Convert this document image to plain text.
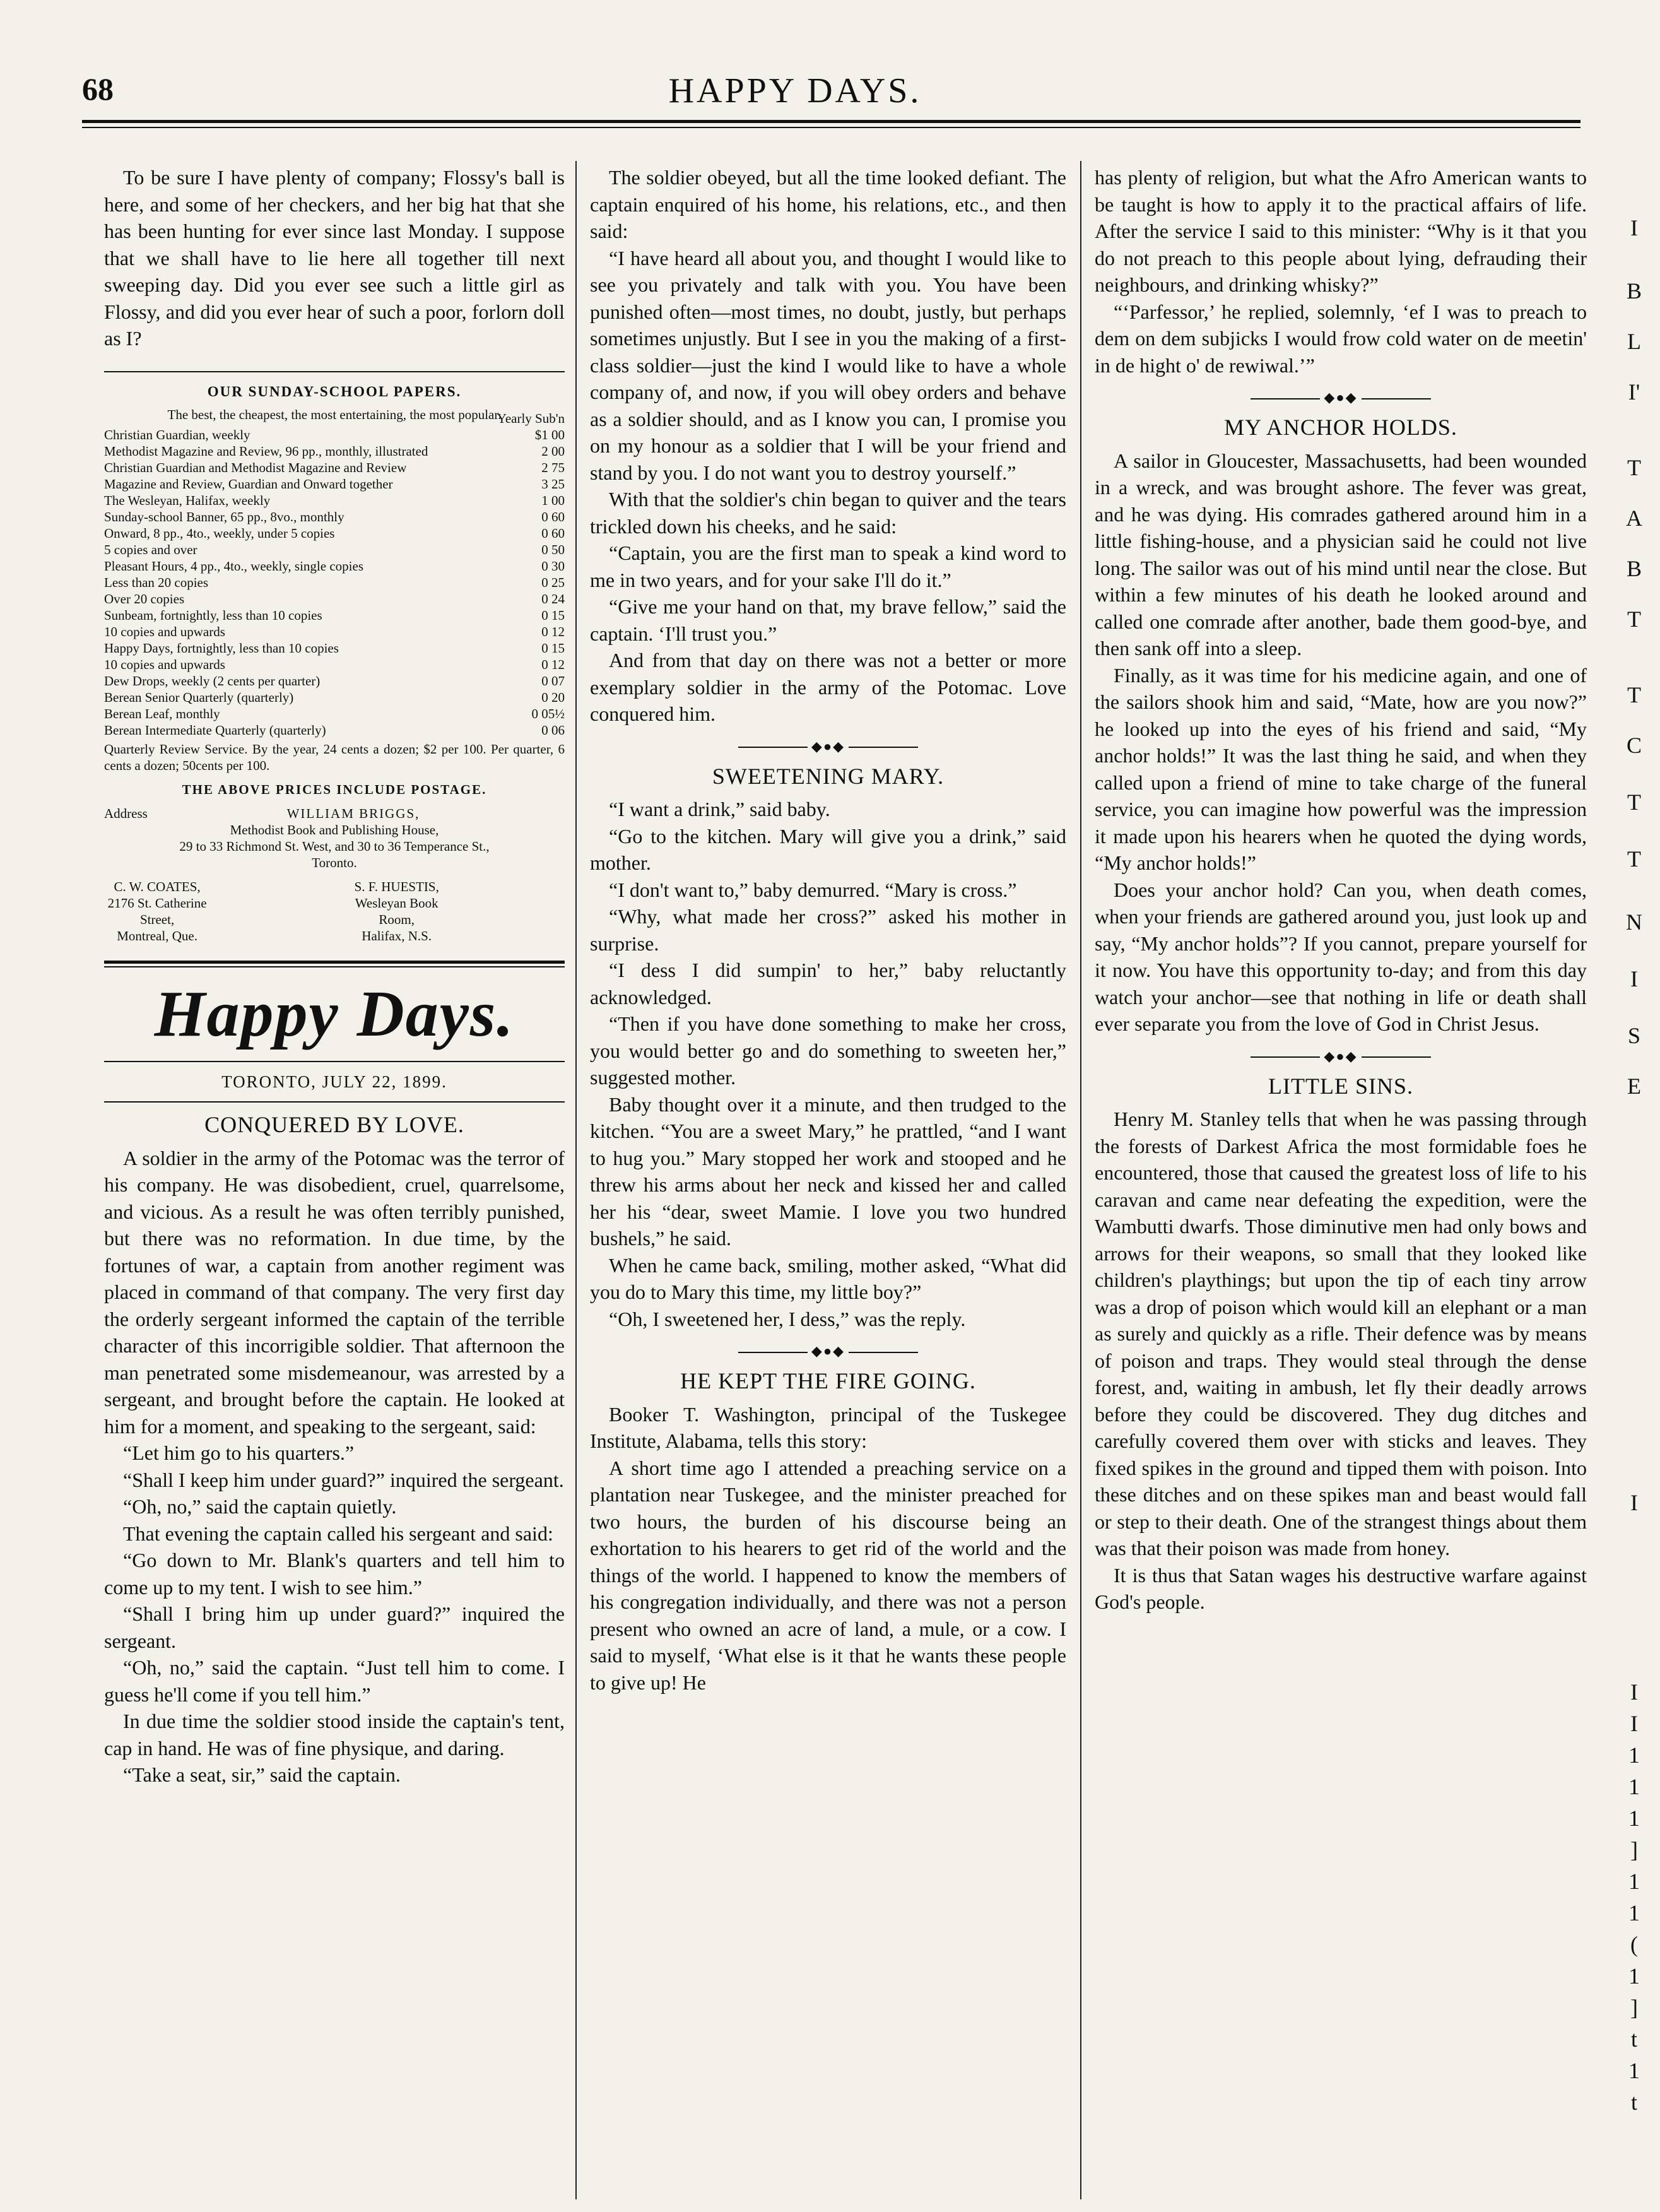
68	HAPPY DAYS.

To be sure I have plenty of company; Flossy's ball is here, and some of her checkers, and her big hat that she has been hunting for ever since last Monday. I suppose that we shall have to lie here all together till next sweeping day. Did you ever see such a little girl as Flossy, and did you ever hear of such a poor, forlorn doll as I?

OUR SUNDAY-SCHOOL PAPERS.
The best, the cheapest, the most entertaining, the most popular.
Yearly Sub'n
Christian Guardian, weekly	$1 00
Methodist Magazine and Review, 96 pp., monthly, illustrated	2 00
Christian Guardian and Methodist Magazine and Review	2 75
Magazine and Review, Guardian and Onward together	3 25
The Wesleyan, Halifax, weekly	1 00
Sunday-school Banner, 65 pp., 8vo., monthly	0 60
Onward, 8 pp., 4to., weekly, under 5 copies	0 60
5 copies and over	0 50
Pleasant Hours, 4 pp., 4to., weekly, single copies	0 30
Less than 20 copies	0 25
Over 20 copies	0 24
Sunbeam, fortnightly, less than 10 copies	0 15
10 copies and upwards	0 12
Happy Days, fortnightly, less than 10 copies	0 15
10 copies and upwards	0 12
Dew Drops, weekly (2 cents per quarter)	0 07
Berean Senior Quarterly (quarterly)	0 20
Berean Leaf, monthly	0 05½
Berean Intermediate Quarterly (quarterly)	0 06
Quarterly Review Service. By the year, 24 cents a dozen; $2 per 100. Per quarter, 6 cents a dozen; 50cents per 100.
THE ABOVE PRICES INCLUDE POSTAGE.
Address	WILLIAM BRIGGS,
Methodist Book and Publishing House,
29 to 33 Richmond St. West, and 30 to 36 Temperance St.,
Toronto.
C. W. COATES,
2176 St. Catherine Street,
Montreal, Que.
S. F. HUESTIS,
Wesleyan Book Room,
Halifax, N.S.
Happy Days.
TORONTO, JULY 22, 1899.
CONQUERED BY LOVE.

A soldier in the army of the Potomac was the terror of his company. He was disobedient, cruel, quarrelsome, and vicious. As a result he was often terribly punished, but there was no reformation. In due time, by the fortunes of war, a captain from another regiment was placed in command of that company. The very first day the orderly sergeant informed the captain of the terrible character of this incorrigible soldier. That afternoon the man penetrated some misdemeanour, was arrested by a sergeant, and brought before the captain. He looked at him for a moment, and speaking to the sergeant, said:

“Let him go to his quarters.”

“Shall I keep him under guard?” inquired the sergeant.

“Oh, no,” said the captain quietly.

That evening the captain called his sergeant and said:

“Go down to Mr. Blank's quarters and tell him to come up to my tent. I wish to see him.”

“Shall I bring him up under guard?” inquired the sergeant.

“Oh, no,” said the captain. “Just tell him to come. I guess he'll come if you tell him.”

In due time the soldier stood inside the captain's tent, cap in hand. He was of fine physique, and daring.

“Take a seat, sir,” said the captain.

The soldier obeyed, but all the time looked defiant. The captain enquired of his home, his relations, etc., and then said:

“I have heard all about you, and thought I would like to see you privately and talk with you. You have been punished often—most times, no doubt, justly, but perhaps sometimes unjustly. But I see in you the making of a first-class soldier—just the kind I would like to have a whole company of, and now, if you will obey orders and behave as a soldier should, and as I know you can, I promise you on my honour as a soldier that I will be your friend and stand by you. I do not want you to destroy yourself.”

With that the soldier's chin began to quiver and the tears trickled down his cheeks, and he said:

“Captain, you are the first man to speak a kind word to me in two years, and for your sake I'll do it.”

“Give me your hand on that, my brave fellow,” said the captain. ‘I'll trust you.”

And from that day on there was not a better or more exemplary soldier in the army of the Potomac. Love conquered him.

◆●◆
SWEETENING MARY.

“I want a drink,” said baby.

“Go to the kitchen. Mary will give you a drink,” said mother.

“I don't want to,” baby demurred. “Mary is cross.”

“Why, what made her cross?” asked his mother in surprise.

“I dess I did sumpin' to her,” baby reluctantly acknowledged.

“Then if you have done something to make her cross, you would better go and do something to sweeten her,” suggested mother.

Baby thought over it a minute, and then trudged to the kitchen. “You are a sweet Mary,” he prattled, “and I want to hug you.” Mary stopped her work and stooped and he threw his arms about her neck and kissed her and called her his “dear, sweet Mamie. I love you two hundred bushels,” he said.

When he came back, smiling, mother asked, “What did you do to Mary this time, my little boy?”

“Oh, I sweetened her, I dess,” was the reply.

◆●◆
HE KEPT THE FIRE GOING.

Booker T. Washington, principal of the Tuskegee Institute, Alabama, tells this story:

A short time ago I attended a preaching service on a plantation near Tuskegee, and the minister preached for two hours, the burden of his discourse being an exhortation to his hearers to get rid of the world and the things of the world. I happened to know the members of his congregation individually, and there was not a person present who owned an acre of land, a mule, or a cow. I said to myself, ‘What else is it that he wants these people to give up! He

has plenty of religion, but what the Afro American wants to be taught is how to apply it to the practical affairs of life. After the service I said to this minister: “Why is it that you do not preach to this people about lying, defrauding their neighbours, and drinking whisky?”

“‘Parfessor,’ he replied, solemnly, ‘ef I was to preach to dem on dem subjicks I would frow cold water on de meetin' in de hight o' de rewiwal.’”

◆●◆
MY ANCHOR HOLDS.

A sailor in Gloucester, Massachusetts, had been wounded in a wreck, and was brought ashore. The fever was great, and he was dying. His comrades gathered around him in a little fishing-house, and a physician said he could not live long. The sailor was out of his mind until near the close. But within a few minutes of his death he looked around and called one comrade after another, bade them good-bye, and then sank off into a sleep.

Finally, as it was time for his medicine again, and one of the sailors shook him and said, “Mate, how are you now?” he looked up into the eyes of his friend and said, “My anchor holds!” It was the last thing he said, and when they called upon a friend of mine to take charge of the funeral service, you can imagine how powerful was the impression it made upon his hearers when he quoted the dying words, “My anchor holds!”

Does your anchor hold? Can you, when death comes, when your friends are gathered around you, just look up and say, “My anchor holds”? If you cannot, prepare yourself for it now. You have this opportunity to-day; and from this day watch your anchor—see that nothing in life or death shall ever separate you from the love of God in Christ Jesus.

◆●◆
LITTLE SINS.

Henry M. Stanley tells that when he was passing through the forests of Darkest Africa the most formidable foes he encountered, those that caused the greatest loss of life to his caravan and came near defeating the expedition, were the Wambutti dwarfs. Those diminutive men had only bows and arrows for their weapons, so small that they looked like children's playthings; but upon the tip of each tiny arrow was a drop of poison which would kill an elephant or a man as surely and quickly as a rifle. Their defence was by means of poison and traps. They would steal through the dense forest, and, waiting in ambush, let fly their deadly arrows before they could be discovered. They dug ditches and carefully covered them over with sticks and leaves. They fixed spikes in the ground and tipped them with poison. Into these ditches and on these spikes man and beast would fall or step to their death. One of the strangest things about them was that their poison was made from honey.

It is thus that Satan wages his destructive warfare against God's people.

I
B
L
I'
T
A
B
T
T
C
T
T
N
I
S
E
I
I
I
1
1
1
]
1
1
(
1
]
t
1
t
